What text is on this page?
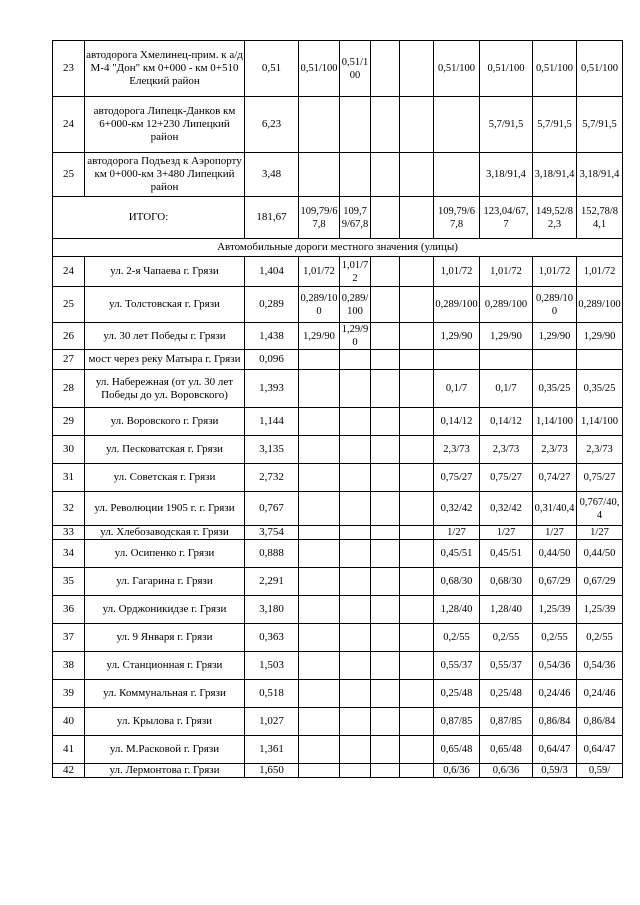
23	автодорога Хмелинец-прим. к а/д М-4 "Дон" км 0+000 - км 0+510 Елецкий район	0,51	0,51/100	0,51/100			0,51/100	0,51/100	0,51/100	0,51/100
24	автодорога Липецк-Данков км 6+000-км 12+230 Липецкий район	6,23						5,7/91,5	5,7/91,5	5,7/91,5
25	автодорога Подъезд к Аэропорту км 0+000-км 3+480 Липецкий район	3,48						3,18/91,4	3,18/91,4	3,18/91,4
ИТОГО:		181,67	109,79/67,8	109,79/67,8			109,79/67,8	123,04/67,7	149,52/82,3	152,78/84,1
Автомобильные дороги местного значения (улицы)										
24	ул. 2-я Чапаева г. Грязи	1,404	1,01/72	1,01/72			1,01/72	1,01/72	1,01/72	1,01/72
25	ул. Толстовская г. Грязи	0,289	0,289/100	0,289/100			0,289/100	0,289/100	0,289/100	0,289/100
26	ул. 30 лет Победы г. Грязи	1,438	1,29/90	1,29/90			1,29/90	1,29/90	1,29/90	1,29/90
27	мост через реку Матыра г. Грязи	0,096								
28	ул. Набережная (от ул. 30 лет Победы до ул. Воровского)	1,393					0,1/7	0,1/7	0,35/25	0,35/25
29	ул. Воровского г. Грязи	1,144					0,14/12	0,14/12	1,14/100	1,14/100
30	ул. Песковатская г. Грязи	3,135					2,3/73	2,3/73	2,3/73	2,3/73
31	ул. Советская г. Грязи	2,732					0,75/27	0,75/27	0,74/27	0,75/27
32	ул. Революции 1905 г. г. Грязи	0,767					0,32/42	0,32/42	0,31/40,4	0,767/40,4
33	ул. Хлебозаводская г. Грязи	3,754					1/27	1/27	1/27	1/27
34	ул. Осипенко г. Грязи	0,888					0,45/51	0,45/51	0,44/50	0,44/50
35	ул. Гагарина г. Грязи	2,291					0,68/30	0,68/30	0,67/29	0,67/29
36	ул. Орджоникидзе г. Грязи	3,180					1,28/40	1,28/40	1,25/39	1,25/39
37	ул. 9 Января г. Грязи	0,363					0,2/55	0,2/55	0,2/55	0,2/55
38	ул. Станционная г. Грязи	1,503					0,55/37	0,55/37	0,54/36	0,54/36
39	ул. Коммунальная г. Грязи	0,518					0,25/48	0,25/48	0,24/46	0,24/46
40	ул. Крылова г. Грязи	1,027					0,87/85	0,87/85	0,86/84	0,86/84
41	ул. М.Расковой г. Грязи	1,361					0,65/48	0,65/48	0,64/47	0,64/47
42	ул. Лермонтова г. Грязи	1,650					0,6/36	0,6/36	0,59/3	0,59/
